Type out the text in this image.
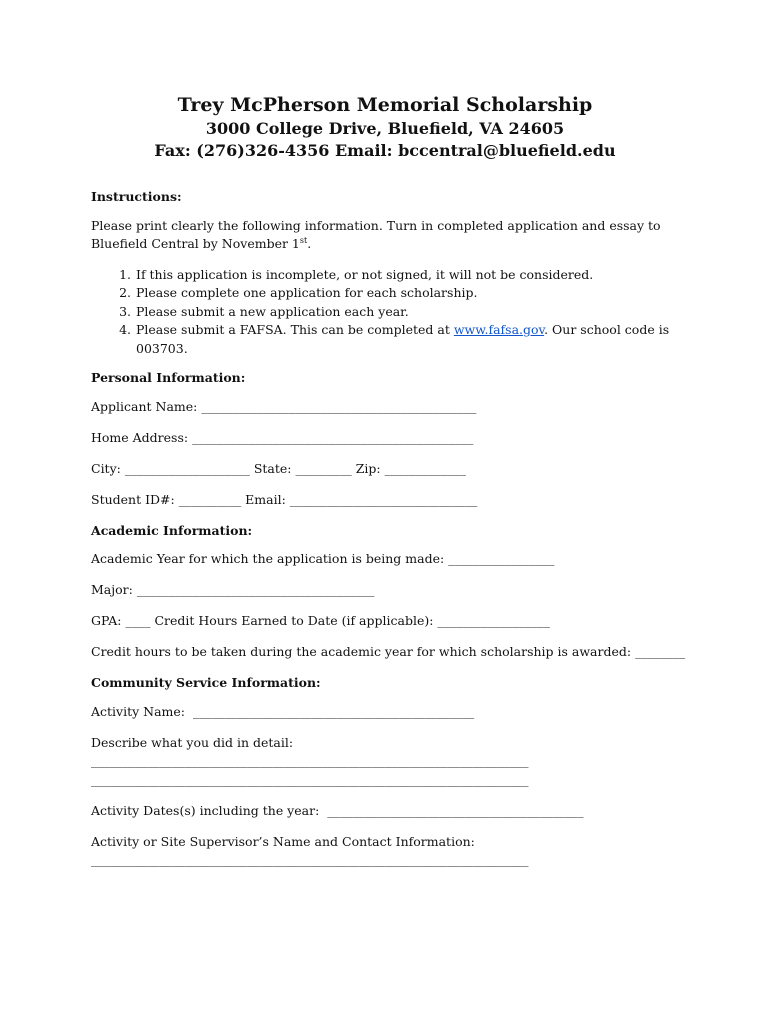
Trey McPherson Memorial Scholarship

3000 College Drive, Bluefield, VA 24605

Fax: (276)326-4356 Email: bccentral@bluefield.edu

Instructions:

Please print clearly the following information. Turn in completed application and essay to Bluefield Central by November 1st.

1. If this application is incomplete, or not signed, it will not be considered.
2. Please complete one application for each scholarship.
3. Please submit a new application each year.
4. Please submit a FAFSA. This can be completed at www.fafsa.gov. Our school code is 003703.

Personal Information:

Applicant Name: ____________________________________________

Home Address: _____________________________________________

City: ____________________ State: _________ Zip: _____________

Student ID#: __________ Email: ______________________________

Academic Information:

Academic Year for which the application is being made: _________________

Major: ______________________________________

GPA: ____ Credit Hours Earned to Date (if applicable): __________________

Credit hours to be taken during the academic year for which scholarship is awarded: ________

Community Service Information:

Activity Name:  _____________________________________________

Describe what you did in detail:

______________________________________________________________________

______________________________________________________________________

Activity Dates(s) including the year:  _________________________________________

Activity or Site Supervisor’s Name and Contact Information:

______________________________________________________________________
